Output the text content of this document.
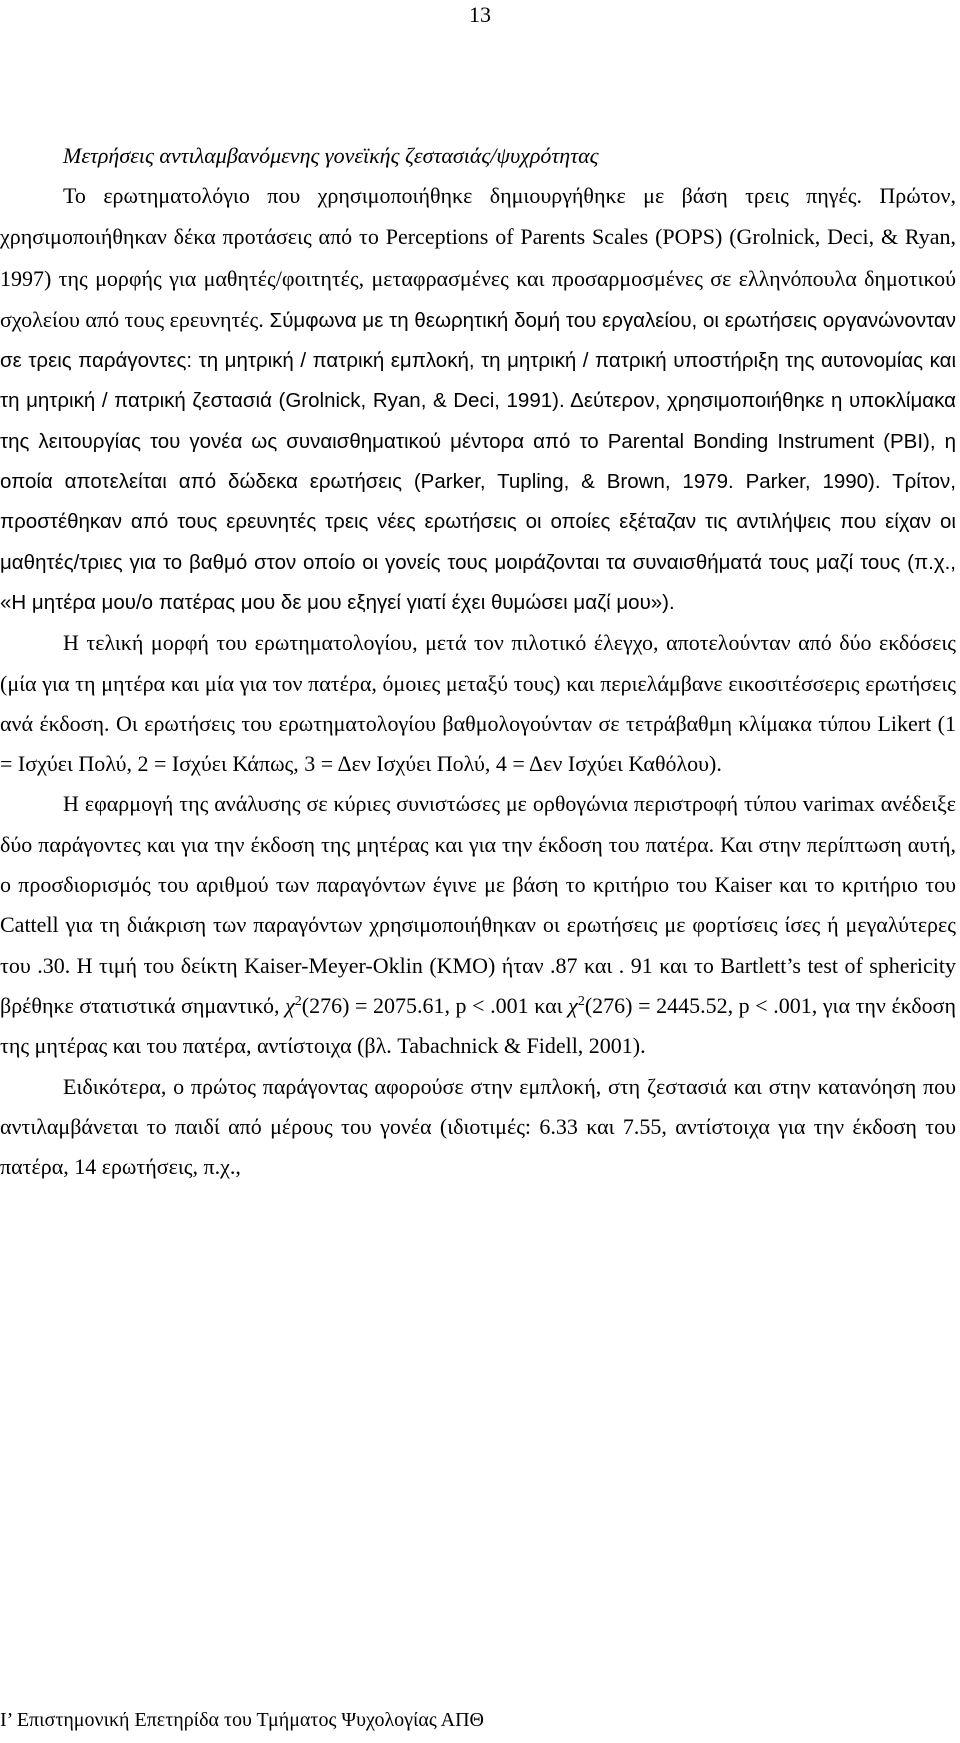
13
Μετρήσεις αντιλαμβανόμενης γονεϊκής ζεστασιάς/ψυχρότητας

Το ερωτηματολόγιο που χρησιμοποιήθηκε δημιουργήθηκε με βάση τρεις πηγές. Πρώτον, χρησιμοποιήθηκαν δέκα προτάσεις από το Perceptions of Parents Scales (POPS) (Grolnick, Deci, & Ryan, 1997) της μορφής για μαθητές/φοιτητές, μεταφρασμένες και προσαρμοσμένες σε ελληνόπουλα δημοτικού σχολείου από τους ερευνητές. Σύμφωνα με τη θεωρητική δομή του εργαλείου, οι ερωτήσεις οργανώνονταν σε τρεις παράγοντες: τη μητρική / πατρική εμπλοκή, τη μητρική / πατρική υποστήριξη της αυτονομίας και τη μητρική / πατρική ζεστασιά (Grolnick, Ryan, & Deci, 1991). Δεύτερον, χρησιμοποιήθηκε η υποκλίμακα της λειτουργίας του γονέα ως συναισθηματικού μέντορα από το Parental Bonding Instrument (PBI), η οποία αποτελείται από δώδεκα ερωτήσεις (Parker, Tupling, & Brown, 1979. Parker, 1990). Τρίτον, προστέθηκαν από τους ερευνητές τρεις νέες ερωτήσεις οι οποίες εξέταζαν τις αντιλήψεις που είχαν οι μαθητές/τριες για το βαθμό στον οποίο οι γονείς τους μοιράζονται τα συναισθήματά τους μαζί τους (π.χ., «Η μητέρα μου/ο πατέρας μου δε μου εξηγεί γιατί έχει θυμώσει μαζί μου»).

Η τελική μορφή του ερωτηματολογίου, μετά τον πιλοτικό έλεγχο, αποτελούνταν από δύο εκδόσεις (μία για τη μητέρα και μία για τον πατέρα, όμοιες μεταξύ τους) και περιελάμβανε εικοσιτέσσερις ερωτήσεις ανά έκδοση. Οι ερωτήσεις του ερωτηματολογίου βαθμολογούνταν σε τετράβαθμη κλίμακα τύπου Likert (1 = Ισχύει Πολύ, 2 = Ισχύει Κάπως, 3 = Δεν Ισχύει Πολύ, 4 = Δεν Ισχύει Καθόλου).

Η εφαρμογή της ανάλυσης σε κύριες συνιστώσες με ορθογώνια περιστροφή τύπου varimax ανέδειξε δύο παράγοντες και για την έκδοση της μητέρας και για την έκδοση του πατέρα. Και στην περίπτωση αυτή, ο προσδιορισμός του αριθμού των παραγόντων έγινε με βάση το κριτήριο του Kaiser και το κριτήριο του Cattell για τη διάκριση των παραγόντων χρησιμοποιήθηκαν οι ερωτήσεις με φορτίσεις ίσες ή μεγαλύτερες του .30. Η τιμή του δείκτη Kaiser-Meyer-Oklin (KMO) ήταν .87 και . 91 και το Bartlett’s test of sphericity βρέθηκε στατιστικά σημαντικό, $\chi^2(276) = 2075.61$, p < .001 και $\chi^2(276) = 2445.52$, p < .001, για την έκδοση της μητέρας και του πατέρα, αντίστοιχα (βλ. Tabachnick & Fidell, 2001).

Ειδικότερα, ο πρώτος παράγοντας αφορούσε στην εμπλοκή, στη ζεστασιά και στην κατανόηση που αντιλαμβάνεται το παιδί από μέρους του γονέα (ιδιοτιμές: 6.33 και 7.55, αντίστοιχα για την έκδοση του πατέρα, 14 ερωτήσεις, π.χ.,

Ι’ Επιστημονική Επετηρίδα του Τμήματος Ψυχολογίας ΑΠΘ
